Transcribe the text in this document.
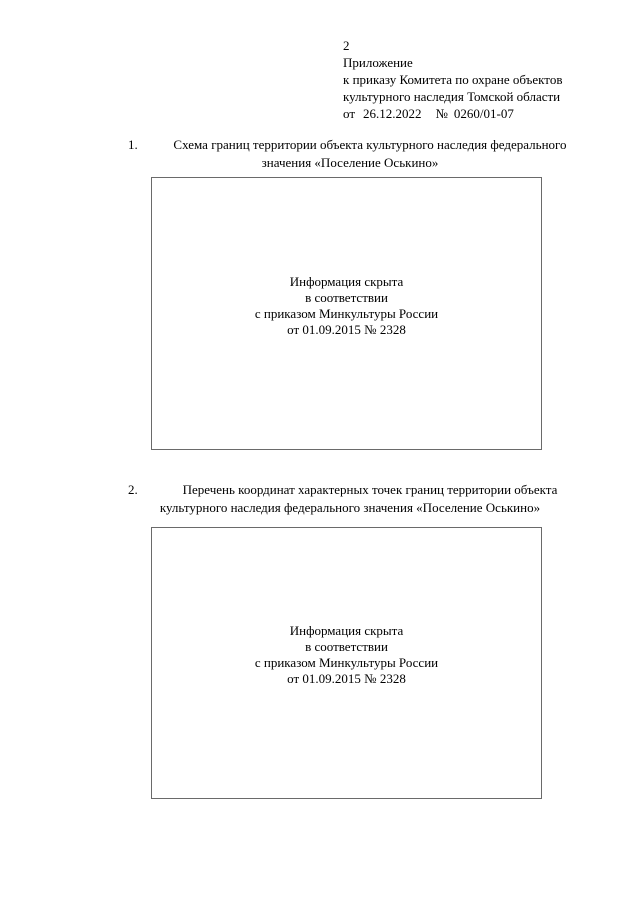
2
Приложение
к приказу Комитета по охране объектов
культурного наследия Томской области
от 26.12.2022 № 0260/01-07
1.	Схема границ территории объекта культурного наследия федерального
значения «Поселение Оськино»
Информация скрыта
в соответствии
с приказом Минкультуры России
от 01.09.2015 № 2328
2.	Перечень координат характерных точек границ территории объекта
культурного наследия федерального значения «Поселение Оськино»
Информация скрыта
в соответствии
с приказом Минкультуры России
от 01.09.2015 № 2328
